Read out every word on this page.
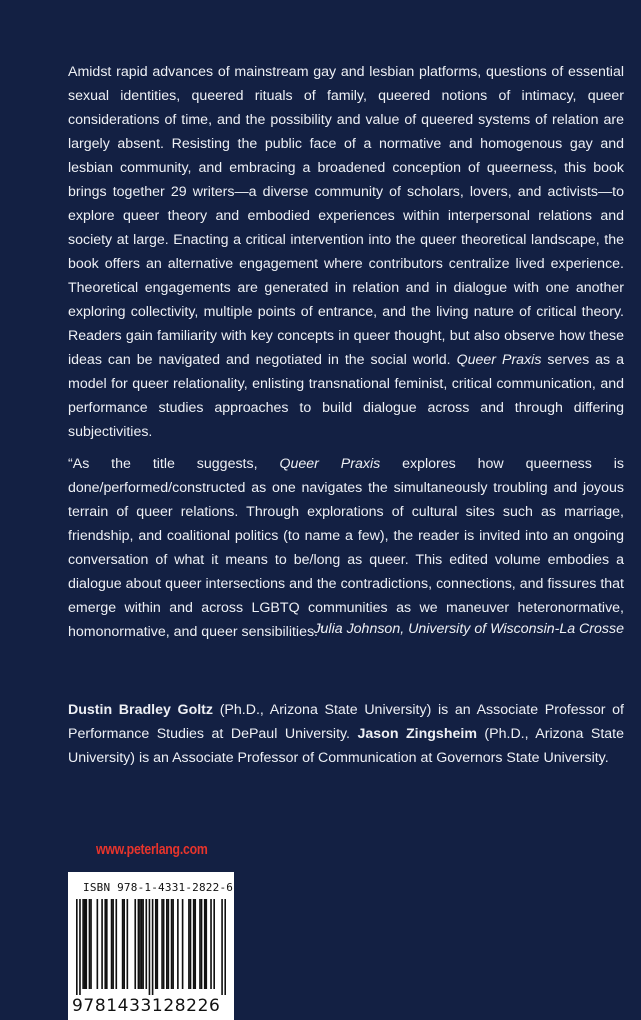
Amidst rapid advances of mainstream gay and lesbian platforms, questions of essential sexual identities, queered rituals of family, queered notions of intimacy, queer considerations of time, and the possibility and value of queered systems of relation are largely absent. Resisting the public face of a normative and homogenous gay and lesbian community, and embracing a broadened conception of queerness, this book brings together 29 writers—a diverse community of scholars, lovers, and activists—to explore queer theory and embodied experiences within interpersonal relations and society at large. Enacting a critical intervention into the queer theoretical landscape, the book offers an alternative engagement where contributors centralize lived experience. Theoretical engagements are generated in relation and in dialogue with one another exploring collectivity, multiple points of entrance, and the living nature of critical theory. Readers gain familiarity with key concepts in queer thought, but also observe how these ideas can be navigated and negotiated in the social world. Queer Praxis serves as a model for queer relationality, enlisting transnational feminist, critical communication, and performance studies approaches to build dialogue across and through differing subjectivities.
“As the title suggests, Queer Praxis explores how queerness is done/performed/constructed as one navigates the simultaneously troubling and joyous terrain of queer relations. Through explorations of cultural sites such as marriage, friendship, and coalitional politics (to name a few), the reader is invited into an ongoing conversation of what it means to be/long as queer. This edited volume embodies a dialogue about queer intersections and the contradictions, connections, and fissures that emerge within and across LGBTQ communities as we maneuver heteronormative, homonormative, and queer sensibilities.”
Julia Johnson, University of Wisconsin-La Crosse
Dustin Bradley Goltz (Ph.D., Arizona State University) is an Associate Professor of Performance Studies at DePaul University. Jason Zingsheim (Ph.D., Arizona State University) is an Associate Professor of Communication at Governors State University.
www.peterlang.com
ISBN 978-1-4331-2822-6
9781433128226
